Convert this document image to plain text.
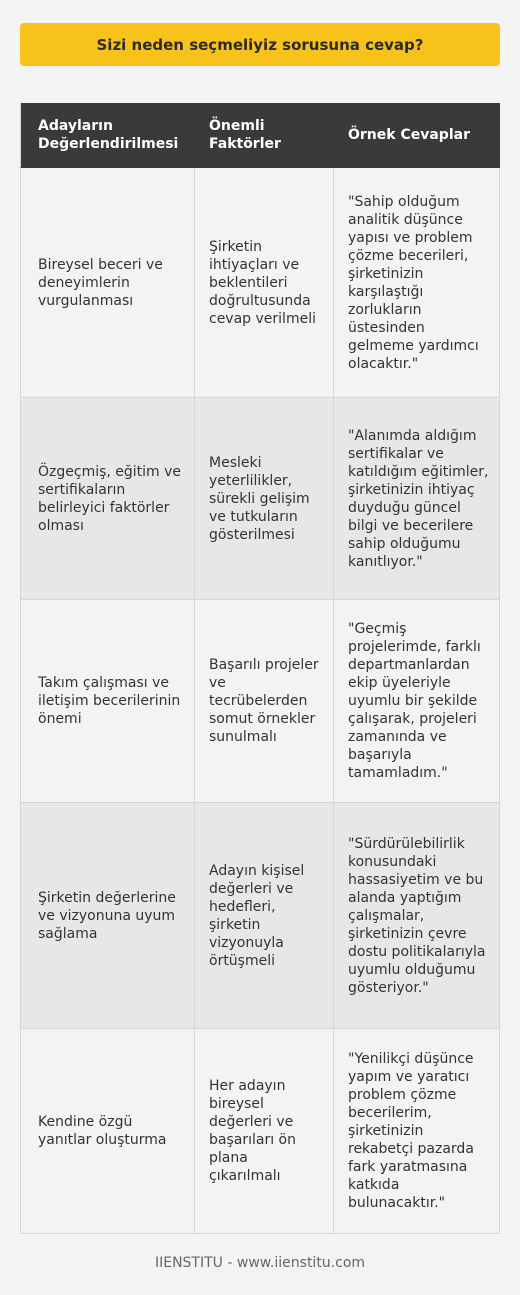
Sizi neden seçmeliyiz sorusuna cevap?
Adayların Değerlendirilmesi
Önemli Faktörler
Örnek Cevaplar
Bireysel beceri ve deneyimlerin vurgulanması
Şirketin ihtiyaçları ve beklentileri doğrultusunda cevap verilmeli
"Sahip olduğum analitik düşünce yapısı ve problem çözme becerileri, şirketinizin karşılaştığı zorlukların üstesinden gelmeme yardımcı olacaktır."
Özgeçmiş, eğitim ve sertifikaların belirleyici faktörler olması
Mesleki yeterlilikler, sürekli gelişim ve tutkuların gösterilmesi
"Alanımda aldığım sertifikalar ve katıldığım eğitimler, şirketinizin ihtiyaç duyduğu güncel bilgi ve becerilere sahip olduğumu kanıtlıyor."
Takım çalışması ve iletişim becerilerinin önemi
Başarılı projeler ve tecrübelerden somut örnekler sunulmalı
"Geçmiş projelerimde, farklı departmanlardan ekip üyeleriyle uyumlu bir şekilde çalışarak, projeleri zamanında ve başarıyla tamamladım."
Şirketin değerlerine ve vizyonuna uyum sağlama
Adayın kişisel değerleri ve hedefleri, şirketin vizyonuyla örtüşmeli
"Sürdürülebilirlik konusundaki hassasiyetim ve bu alanda yaptığım çalışmalar, şirketinizin çevre dostu politikalarıyla uyumlu olduğumu gösteriyor."
Kendine özgü yanıtlar oluşturma
Her adayın bireysel değerleri ve başarıları ön plana çıkarılmalı
"Yenilikçi düşünce yapım ve yaratıcı problem çözme becerilerim, şirketinizin rekabetçi pazarda fark yaratmasına katkıda bulunacaktır."
IIENSTITU - www.iienstitu.com
